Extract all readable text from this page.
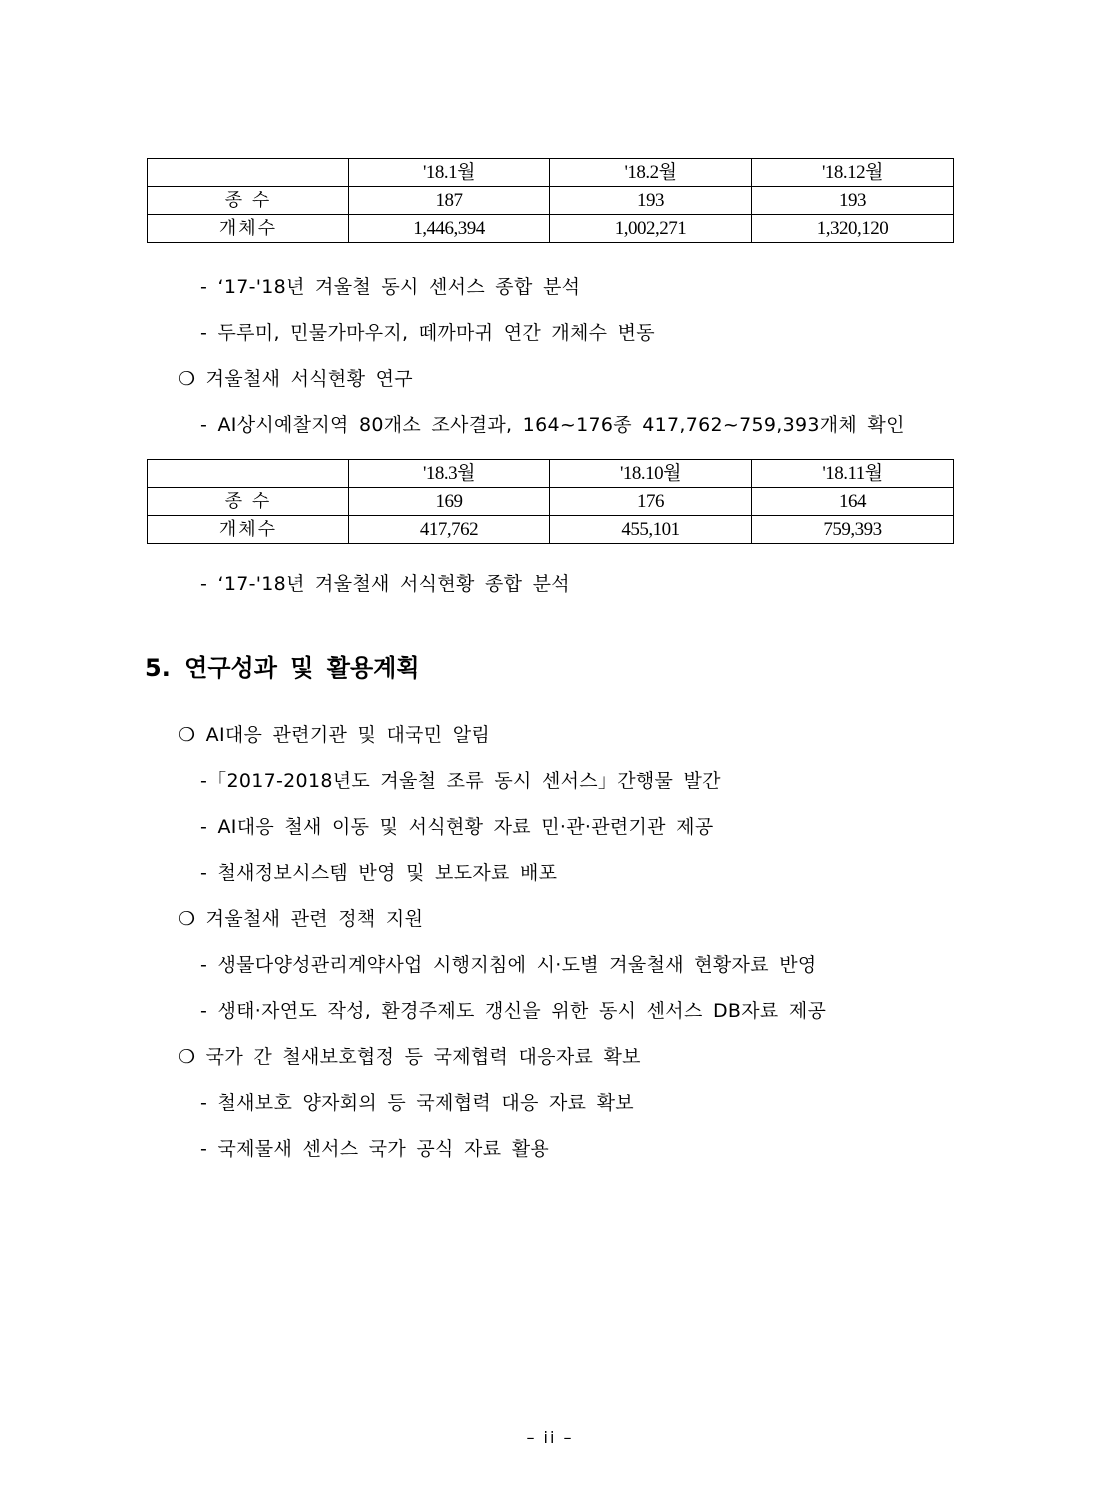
	'18.1월	'18.2월	'18.12월
종 수	187	193	193
개체수	1,446,394	1,002,271	1,320,120
- ‘17-'18년 겨울철 동시 센서스 종합 분석
- 두루미, 민물가마우지, 떼까마귀 연간 개체수 변동
❍ 겨울철새 서식현황 연구
- AI상시예찰지역 80개소 조사결과, 164~176종 417,762~759,393개체 확인
	'18.3월	'18.10월	'18.11월
종 수	169	176	164
개체수	417,762	455,101	759,393
- ‘17-'18년 겨울철새 서식현황 종합 분석
5. 연구성과 및 활용계획
❍ AI대응 관련기관 및 대국민 알림
-「2017-2018년도 겨울철 조류 동시 센서스」간행물 발간
- AI대응 철새 이동 및 서식현황 자료 민·관·관련기관 제공
- 철새정보시스템 반영 및 보도자료 배포
❍ 겨울철새 관련 정책 지원
- 생물다양성관리계약사업 시행지침에 시·도별 겨울철새 현황자료 반영
- 생태·자연도 작성, 환경주제도 갱신을 위한 동시 센서스 DB자료 제공
❍ 국가 간 철새보호협정 등 국제협력 대응자료 확보
- 철새보호 양자회의 등 국제협력 대응 자료 확보
- 국제물새 센서스 국가 공식 자료 활용
– ii –
